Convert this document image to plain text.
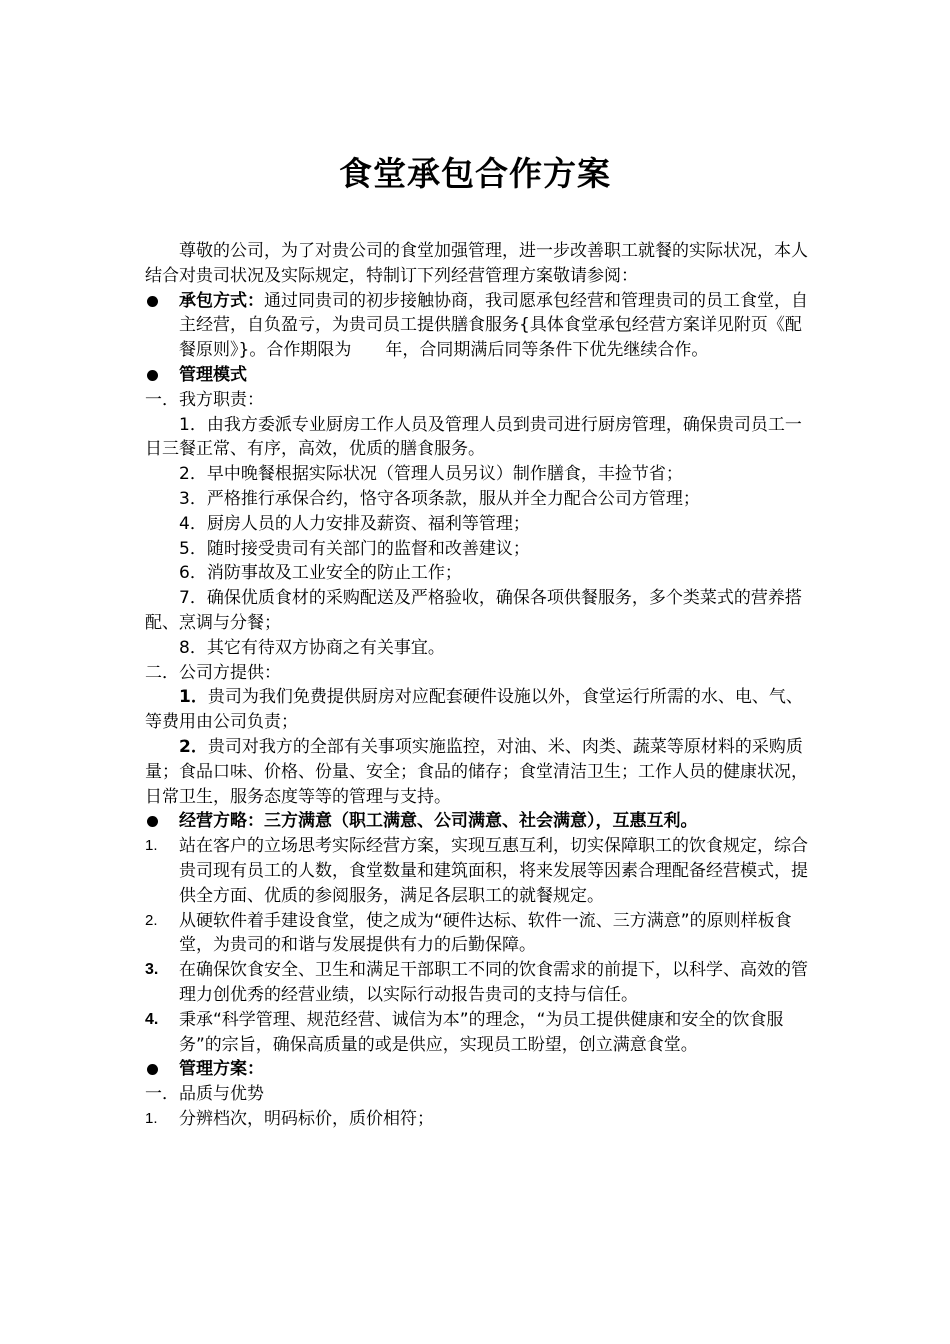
食堂承包合作方案

尊敬的公司，为了对贵公司的食堂加强管理，进一步改善职工就餐的实际状况，本人结合对贵司状况及实际规定，特制订下列经营管理方案敬请参阅：

承包方式：通过同贵司的初步接触协商，我司愿承包经营和管理贵司的员工食堂，自主经营，自负盈亏，为贵司员工提供膳食服务{具体食堂承包经营方案详见附页《配餐原则》}。合作期限为　　年，合同期满后同等条件下优先继续合作。
管理模式

一．我方职责：

1．由我方委派专业厨房工作人员及管理人员到贵司进行厨房管理，确保贵司员工一日三餐正常、有序，高效，优质的膳食服务。

2．早中晚餐根据实际状况（管理人员另议）制作膳食，丰捡节省；

3．严格推行承保合约，恪守各项条款，服从并全力配合公司方管理；

4．厨房人员的人力安排及薪资、福利等管理；

5．随时接受贵司有关部门的监督和改善建议；

6．消防事故及工业安全的防止工作；

7．确保优质食材的采购配送及严格验收，确保各项供餐服务，多个类菜式的营养搭配、烹调与分餐；

8．其它有待双方协商之有关事宜。

二．公司方提供：

1．贵司为我们免费提供厨房对应配套硬件设施以外，食堂运行所需的水、电、气、等费用由公司负责；

2．贵司对我方的全部有关事项实施监控，对油、米、肉类、蔬菜等原材料的采购质量；食品口味、价格、份量、安全；食品的储存；食堂清洁卫生；工作人员的健康状况，日常卫生，服务态度等等的管理与支持。

经营方略：三方满意（职工满意、公司满意、社会满意），互惠互利。
1.	站在客户的立场思考实际经营方案，实现互惠互利，切实保障职工的饮食规定，综合贵司现有员工的人数，食堂数量和建筑面积，将来发展等因素合理配备经营模式，提供全方面、优质的参阅服务，满足各层职工的就餐规定。
2.	从硬软件着手建设食堂，使之成为“硬件达标、软件一流、三方满意”的原则样板食堂，为贵司的和谐与发展提供有力的后勤保障。
3.	在确保饮食安全、卫生和满足干部职工不同的饮食需求的前提下，以科学、高效的管理力创优秀的经营业绩，以实际行动报告贵司的支持与信任。
4.	秉承“科学管理、规范经营、诚信为本”的理念，“为员工提供健康和安全的饮食服务”的宗旨，确保高质量的或是供应，实现员工盼望，创立满意食堂。
管理方案：

一．品质与优势

1.	分辨档次，明码标价，质价相符；
